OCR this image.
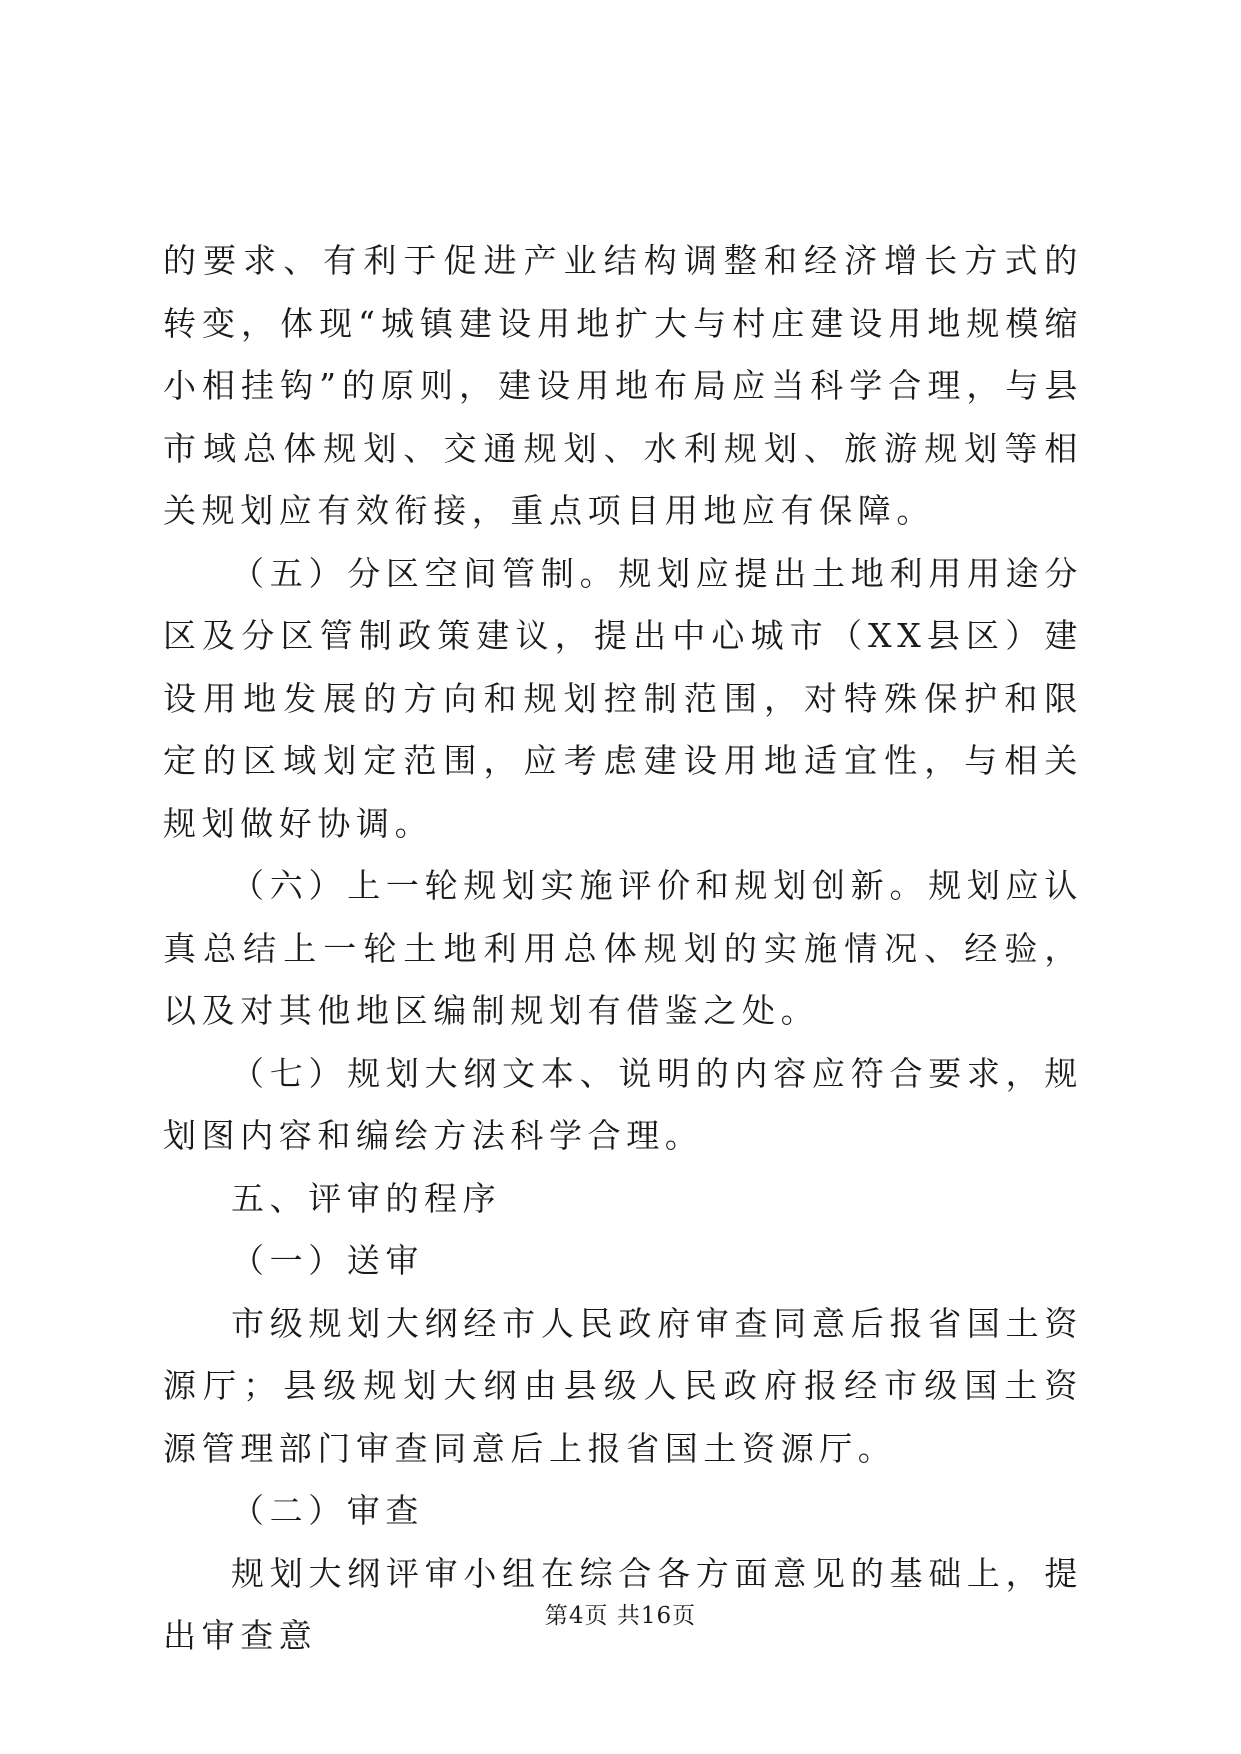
的要求、有利于促进产业结构调整和经济增长方式的转变，体现“城镇建设用地扩大与村庄建设用地规模缩小相挂钩”的原则，建设用地布局应当科学合理，与县市域总体规划、交通规划、水利规划、旅游规划等相关规划应有效衔接，重点项目用地应有保障。

（五）分区空间管制。规划应提出土地利用用途分区及分区管制政策建议，提出中心城市（XX县区）建设用地发展的方向和规划控制范围，对特殊保护和限定的区域划定范围，应考虑建设用地适宜性，与相关规划做好协调。

（六）上一轮规划实施评价和规划创新。规划应认真总结上一轮土地利用总体规划的实施情况、经验，以及对其他地区编制规划有借鉴之处。

（七）规划大纲文本、说明的内容应符合要求，规划图内容和编绘方法科学合理。

五、评审的程序

（一）送审

市级规划大纲经市人民政府审查同意后报省国土资源厅；县级规划大纲由县级人民政府报经市级国土资源管理部门审查同意后上报省国土资源厅。

（二）审查

规划大纲评审小组在综合各方面意见的基础上，提出审查意	第4页 共16页
